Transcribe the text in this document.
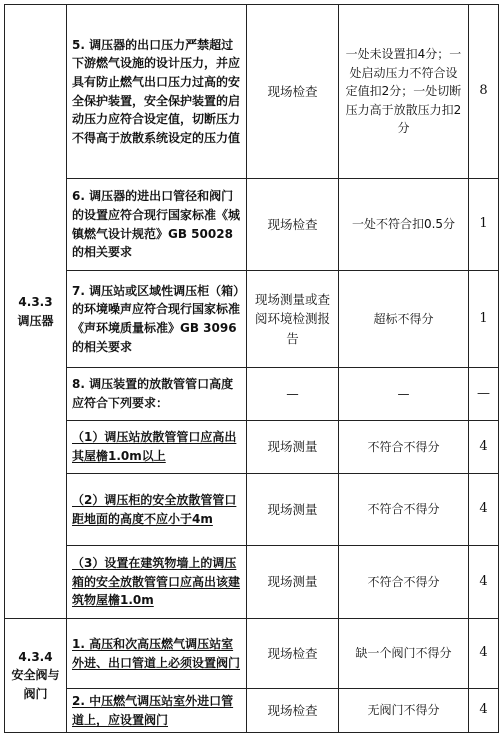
4.3.3
调压器	5. 调压器的出口压力严禁超过下游燃气设施的设计压力，并应具有防止燃气出口压力过高的安全保护装置，安全保护装置的启动压力应符合设定值，切断压力不得高于放散系统设定的压力值	现场检查	一处未设置扣4分；一处启动压力不符合设定值扣2分；一处切断压力高于放散压力扣2分	8
	6. 调压器的进出口管径和阀门的设置应符合现行国家标准《城镇燃气设计规范》GB 50028的相关要求	现场检查	一处不符合扣0.5分	1
	7. 调压站或区域性调压柜（箱）的环境噪声应符合现行国家标准《声环境质量标准》GB 3096的相关要求	现场测量或查阅环境检测报告	超标不得分	1
	8. 调压装置的放散管管口高度应符合下列要求：	—	—	—
	（1）调压站放散管管口应高出其屋檐1.0m以上	现场测量	不符合不得分	4
	（2）调压柜的安全放散管管口距地面的高度不应小于4m	现场测量	不符合不得分	4
	（3）设置在建筑物墙上的调压箱的安全放散管管口应高出该建筑物屋檐1.0m	现场测量	不符合不得分	4
4.3.4
安全阀与
阀门	1. 高压和次高压燃气调压站室外进、出口管道上必须设置阀门	现场检查	缺一个阀门不得分	4
	2. 中压燃气调压站室外进口管道上，应设置阀门	现场检查	无阀门不得分	4
